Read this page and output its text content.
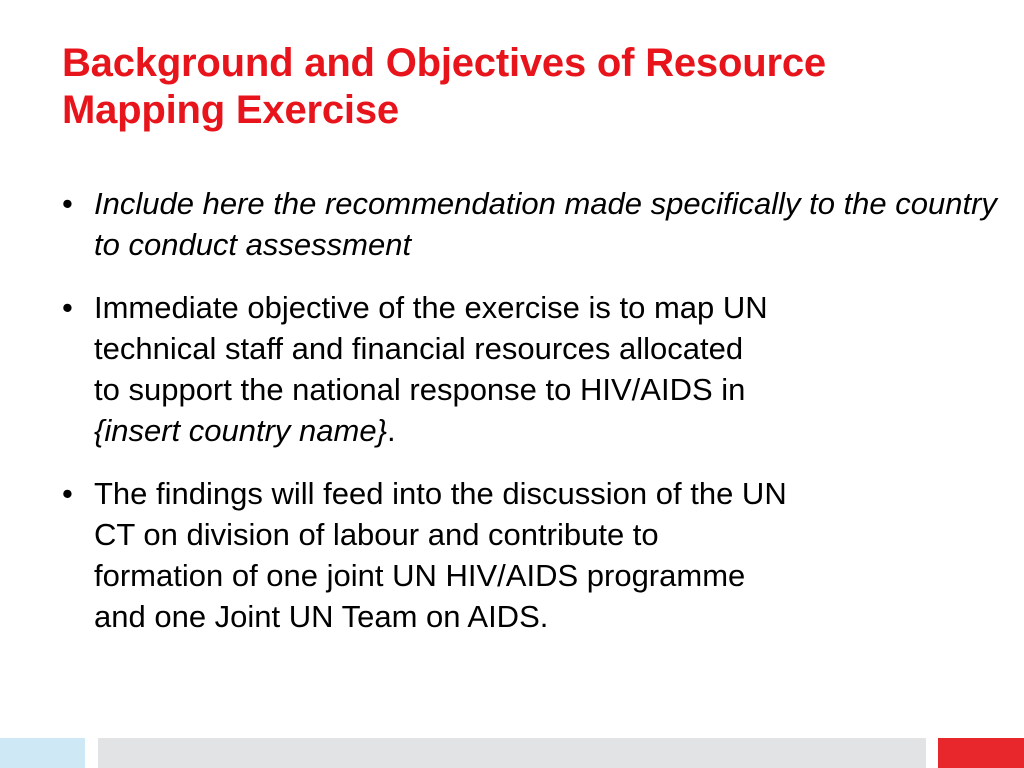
Background and Objectives of Resource
Mapping Exercise
• Include here the recommendation made specifically to the country to conduct assessment
• Immediate objective of the exercise is to map UN
technical staff and financial resources allocated
to support the national response to HIV/AIDS in
{insert country name}.
• The findings will feed into the discussion of the UN
CT on division of labour and contribute to
formation of one joint UN HIV/AIDS programme
and one Joint UN Team on AIDS.
